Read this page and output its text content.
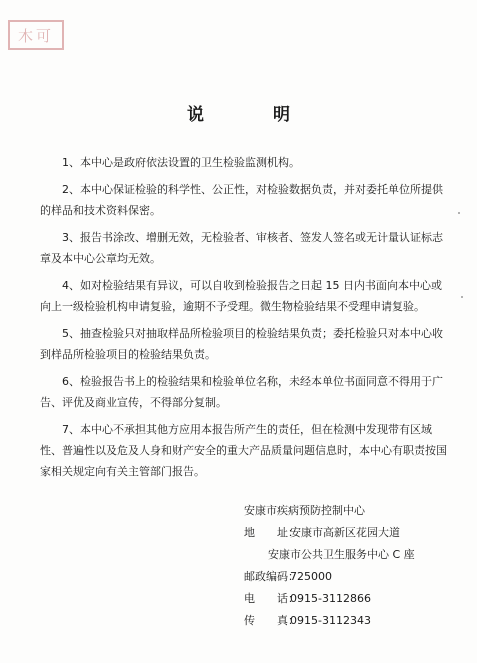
木可
说　明

1、本中心是政府依法设置的卫生检验监测机构。

2、本中心保证检验的科学性、公正性，对检验数据负责，并对委托单位所提供的样品和技术资料保密。

3、报告书涂改、增删无效，无检验者、审核者、签发人签名或无计量认证标志章及本中心公章均无效。

4、如对检验结果有异议，可以自收到检验报告之日起 15 日内书面向本中心或向上一级检验机构申请复验，逾期不予受理。微生物检验结果不受理申请复验。

5、抽查检验只对抽取样品所检验项目的检验结果负责；委托检验只对本中心收到样品所检验项目的检验结果负责。

6、检验报告书上的检验结果和检验单位名称，未经本单位书面同意不得用于广告、评优及商业宣传，不得部分复制。

7、本中心不承担其他方应用本报告所产生的责任，但在检测中发现带有区域性、普遍性以及危及人身和财产安全的重大产品质量问题信息时，本中心有职责按国家相关规定向有关主管部门报告。

安康市疾病预防控制中心
地　　址：安康市高新区花园大道
安康市公共卫生服务中心 C 座
邮政编码：725000
电　　话：0915-3112866
传　　真：0915-3112343
